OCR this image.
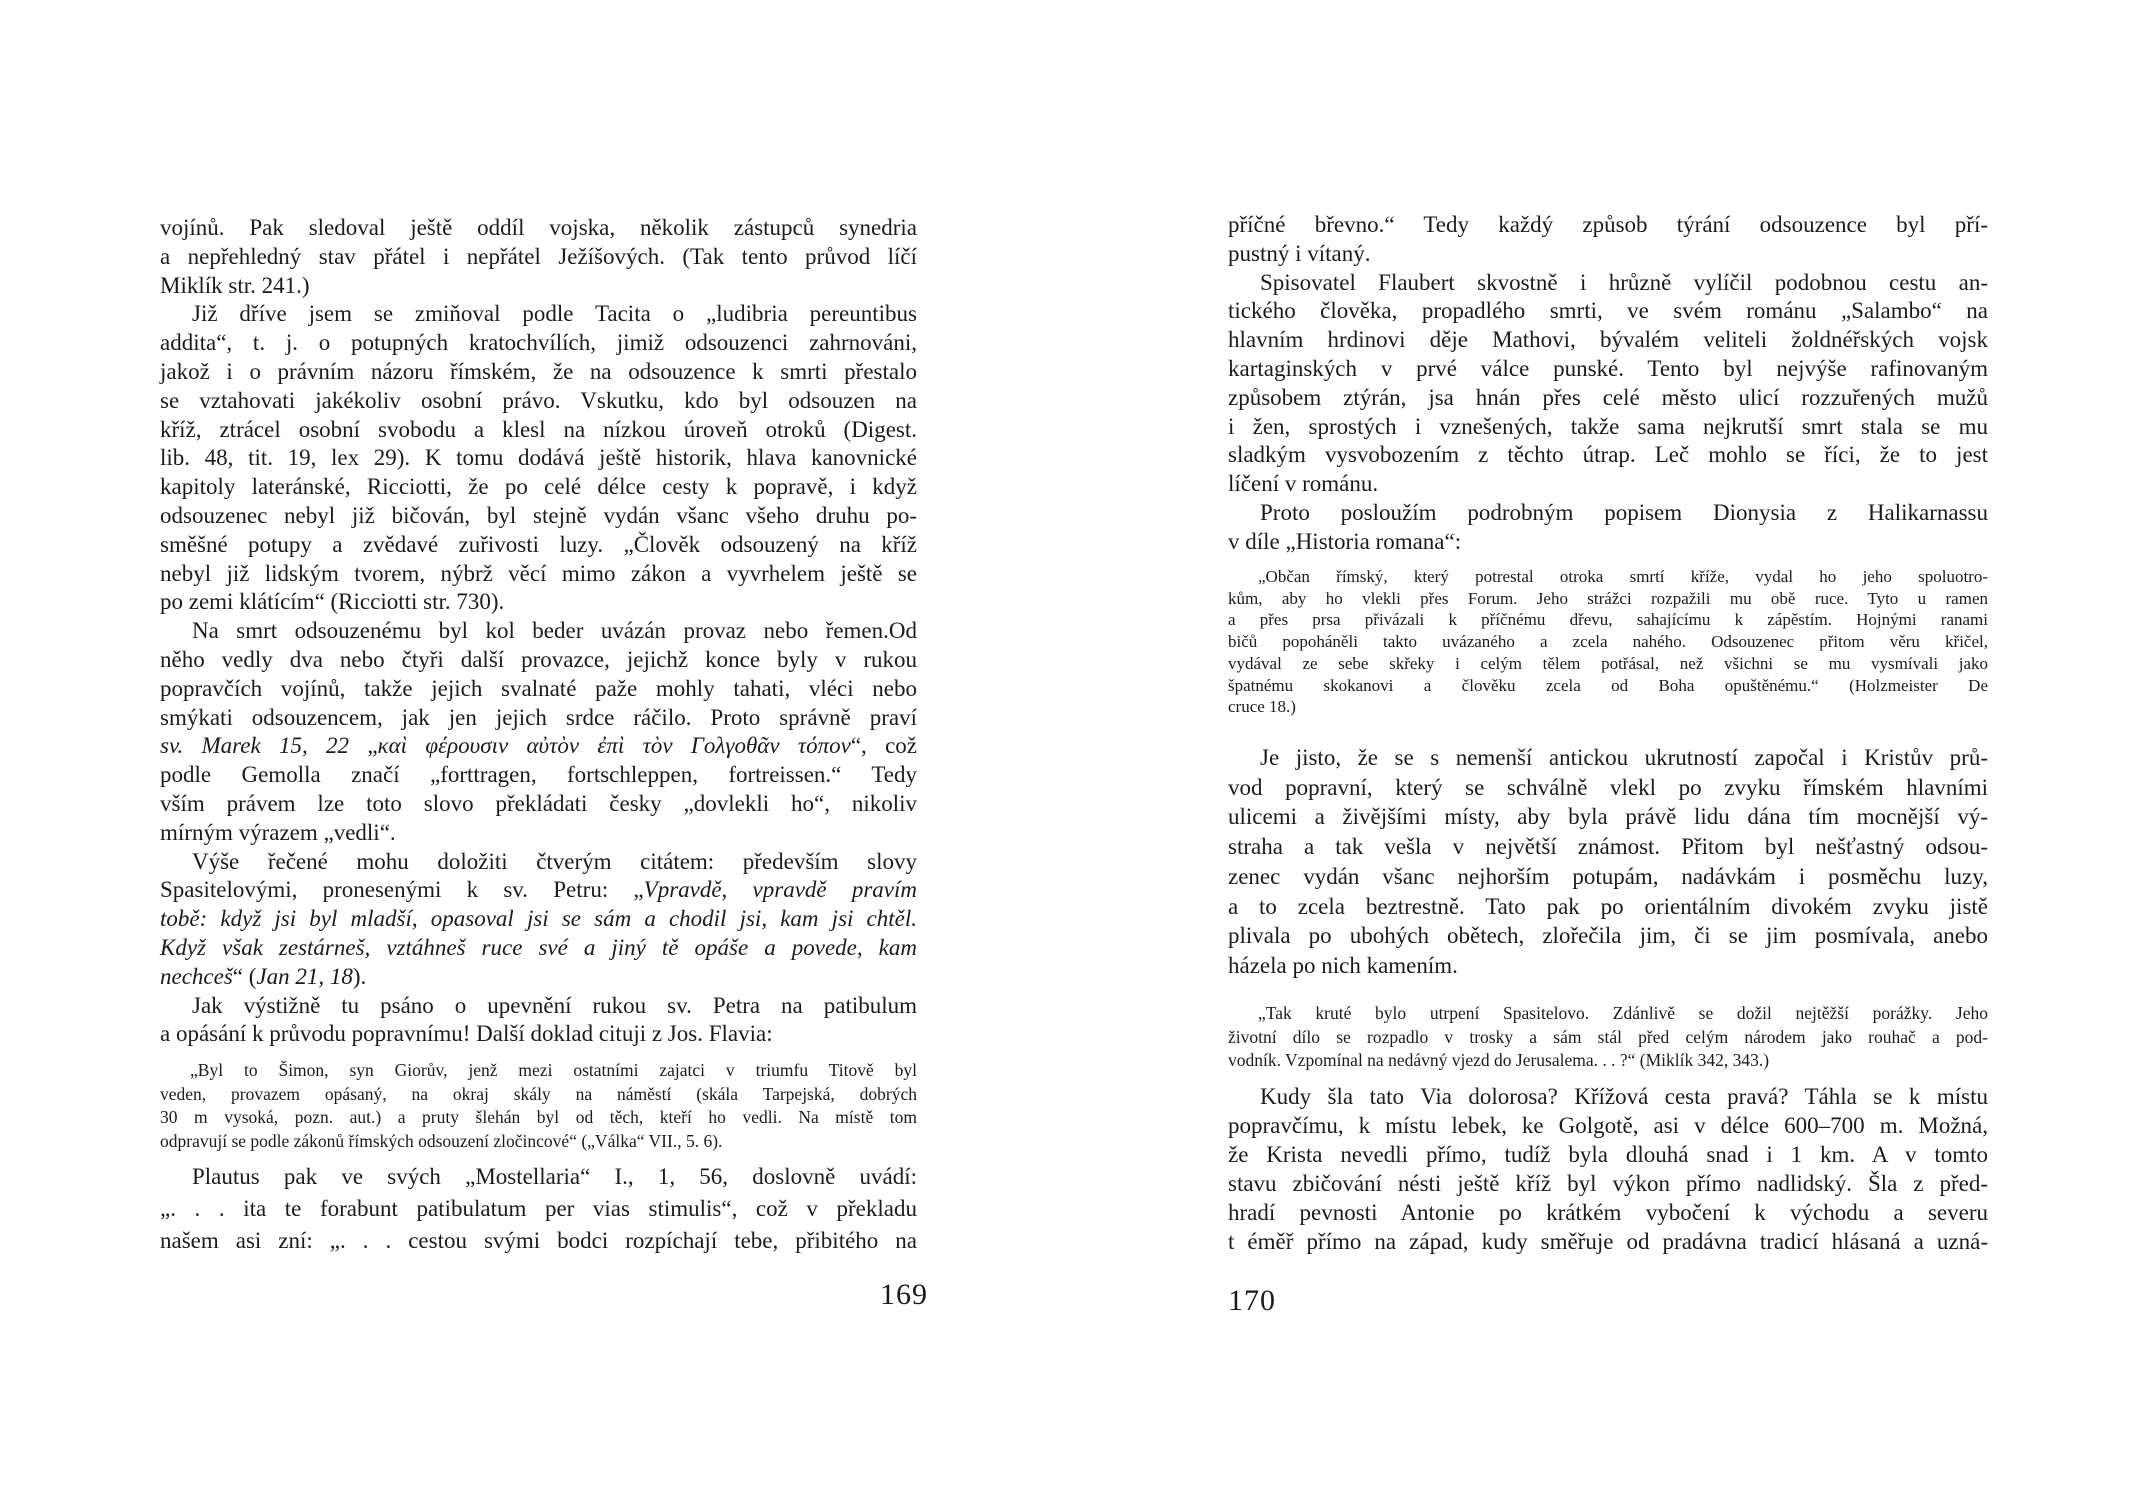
vojínů. Pak sledoval ještě oddíl vojska, několik zástupců synedria
a nepřehledný stav přátel i nepřátel Ježíšových. (Tak tento průvod líčí
Miklík str. 241.)
Již dříve jsem se zmiňoval podle Tacita o „ludibria pereuntibus
addita“, t. j. o potupných kratochvílích, jimiž odsouzenci zahrnováni,
jakož i o právním názoru římském, že na odsouzence k smrti přestalo
se vztahovati jakékoliv osobní právo. Vskutku, kdo byl odsouzen na
kříž, ztrácel osobní svobodu a klesl na nízkou úroveň otroků (Digest.
lib. 48, tit. 19, lex 29). K tomu dodává ještě historik, hlava kanovnické
kapitoly lateránské, Ricciotti, že po celé délce cesty k popravě, i když
odsouzenec nebyl již bičován, byl stejně vydán všanc všeho druhu po-
směšné potupy a zvědavé zuřivosti luzy. „Člověk odsouzený na kříž
nebyl již lidským tvorem, nýbrž věcí mimo zákon a vyvrhelem ještě se
po zemi klátícím“ (Ricciotti str. 730).
Na smrt odsouzenému byl kol beder uvázán provaz nebo řemen.Od
něho vedly dva nebo čtyři další provazce, jejichž konce byly v rukou
popravčích vojínů, takže jejich svalnaté paže mohly tahati, vléci nebo
smýkati odsouzencem, jak jen jejich srdce ráčilo. Proto správně praví
sv. Marek 15, 22 „καὶ φέρουσιν αὐτὸν ἐπὶ τὸν Γολγοθᾶν τόπον“, což
podle Gemolla značí „forttragen, fortschleppen, fortreissen.“ Tedy
vším právem lze toto slovo překládati česky „dovlekli ho“, nikoliv
mírným výrazem „vedli“.
Výše řečené mohu doložiti čtverým citátem: především slovy
Spasitelovými, pronesenými k sv. Petru: „Vpravdě, vpravdě pravím
tobě: když jsi byl mladší, opasoval jsi se sám a chodil jsi, kam jsi chtěl.
Když však zestárneš, vztáhneš ruce své a jiný tě opáše a povede, kam
nechceš“ (Jan 21, 18).
Jak výstižně tu psáno o upevnění rukou sv. Petra na patibulum
a opásání k průvodu popravnímu! Další doklad cituji z Jos. Flavia:
„Byl to Šimon, syn Giorův, jenž mezi ostatními zajatci v triumfu Titově byl
veden, provazem opásaný, na okraj skály na náměstí (skála Tarpejská, dobrých
30 m vysoká, pozn. aut.) a pruty šlehán byl od těch, kteří ho vedli. Na místě tom
odpravují se podle zákonů římských odsouzení zločincové“ („Válka“ VII., 5. 6).
Plautus pak ve svých „Mostellaria“ I., 1, 56, doslovně uvádí:
„. . . ita te forabunt patibulatum per vias stimulis“, což v překladu
našem asi zní: „. . . cestou svými bodci rozpíchají tebe, přibitého na
169
příčné břevno.“ Tedy každý způsob týrání odsouzence byl pří-
pustný i vítaný.
Spisovatel Flaubert skvostně i hrůzně vylíčil podobnou cestu an-
tického člověka, propadlého smrti, ve svém románu „Salambo“ na
hlavním hrdinovi děje Mathovi, bývalém veliteli žoldnéřských vojsk
kartaginských v prvé válce punské. Tento byl nejvýše rafinovaným
způsobem ztýrán, jsa hnán přes celé město ulicí rozzuřených mužů
i žen, sprostých i vznešených, takže sama nejkrutší smrt stala se mu
sladkým vysvobozením z těchto útrap. Leč mohlo se říci, že to jest
líčení v románu.
Proto posloužím podrobným popisem Dionysia z Halikarnassu
v díle „Historia romana“:
„Občan římský, který potrestal otroka smrtí kříže, vydal ho jeho spoluotro-
kům, aby ho vlekli přes Forum. Jeho strážci rozpažili mu obě ruce. Tyto u ramen
a přes prsa přivázali k příčnému dřevu, sahajícímu k zápěstím. Hojnými ranami
bičů popoháněli takto uvázaného a zcela nahého. Odsouzenec přitom věru křičel,
vydával ze sebe skřeky i celým tělem potřásal, než všichni se mu vysmívali jako
špatnému skokanovi a člověku zcela od Boha opuštěnému.“ (Holzmeister De
cruce 18.)
Je jisto, že se s nemenší antickou ukrutností započal i Kristův prů-
vod popravní, který se schválně vlekl po zvyku římském hlavními
ulicemi a živějšími místy, aby byla právě lidu dána tím mocnější vý-
straha a tak vešla v největší známost. Přitom byl nešťastný odsou-
zenec vydán všanc nejhorším potupám, nadávkám i posměchu luzy,
a to zcela beztrestně. Tato pak po orientálním divokém zvyku jistě
plivala po ubohých obětech, zlořečila jim, či se jim posmívala, anebo
házela po nich kamením.
„Tak kruté bylo utrpení Spasitelovo. Zdánlivě se dožil nejtěžší porážky. Jeho
životní dílo se rozpadlo v trosky a sám stál před celým národem jako rouhač a pod-
vodník. Vzpomínal na nedávný vjezd do Jerusalema. . . ?“ (Miklík 342, 343.)
Kudy šla tato Via dolorosa? Křížová cesta pravá? Táhla se k místu
popravčímu, k místu lebek, ke Golgotě, asi v délce 600–700 m. Možná,
že Krista nevedli přímo, tudíž byla dlouhá snad i 1 km. A v tomto
stavu zbičování nésti ještě kříž byl výkon přímo nadlidský. Šla z před-
hradí pevnosti Antonie po krátkém vybočení k východu a severu
t éměř přímo na západ, kudy směřuje od pradávna tradicí hlásaná a uzná-
170
